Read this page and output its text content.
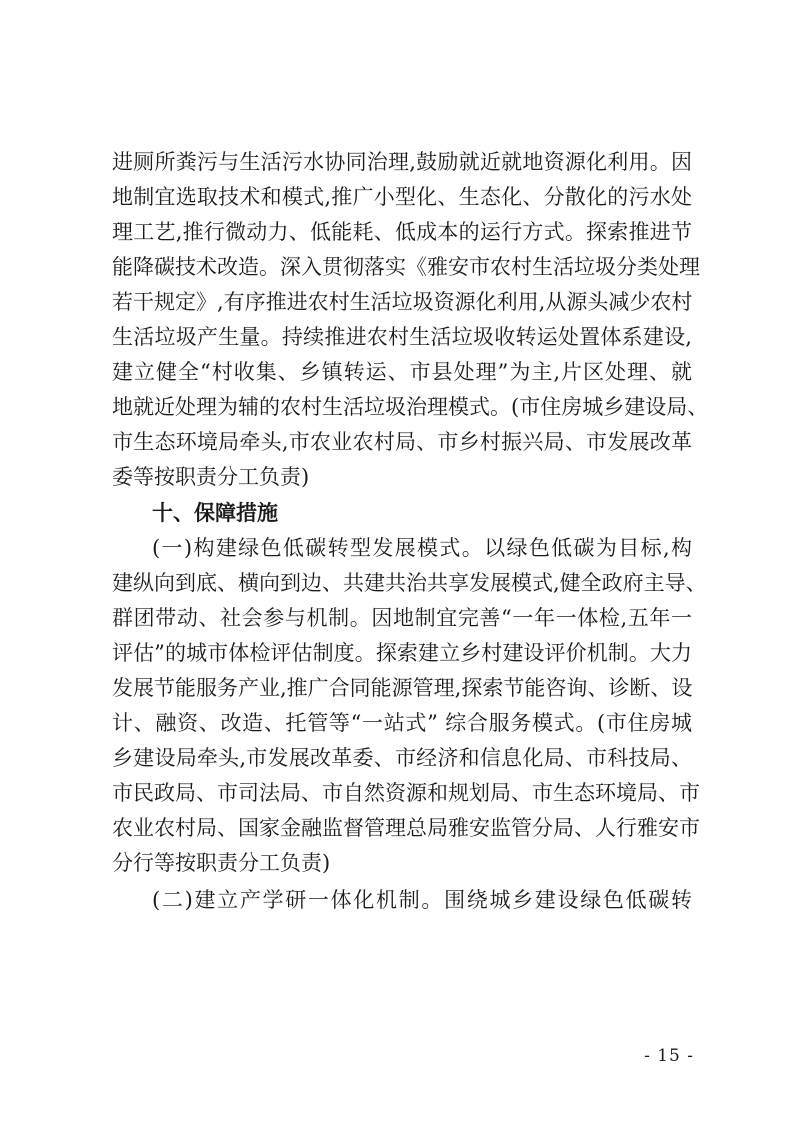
进厕所粪污与生活污水协同治理,鼓励就近就地资源化利用。因
地制宜选取技术和模式,推广小型化、生态化、分散化的污水处
理工艺,推行微动力、低能耗、低成本的运行方式。探索推进节
能降碳技术改造。深入贯彻落实《雅安市农村生活垃圾分类处理
若干规定》,有序推进农村生活垃圾资源化利用,从源头减少农村
生活垃圾产生量。持续推进农村生活垃圾收转运处置体系建设,
建立健全“村收集、乡镇转运、市县处理”为主,片区处理、就
地就近处理为辅的农村生活垃圾治理模式。(市住房城乡建设局、
市生态环境局牵头,市农业农村局、市乡村振兴局、市发展改革
委等按职责分工负责)
十、保障措施
(一)构建绿色低碳转型发展模式。以绿色低碳为目标,构
建纵向到底、横向到边、共建共治共享发展模式,健全政府主导、
群团带动、社会参与机制。因地制宜完善“一年一体检,五年一
评估”的城市体检评估制度。探索建立乡村建设评价机制。大力
发展节能服务产业,推广合同能源管理,探索节能咨询、诊断、设
计、融资、改造、托管等“一站式” 综合服务模式。(市住房城
乡建设局牵头,市发展改革委、市经济和信息化局、市科技局、
市民政局、市司法局、市自然资源和规划局、市生态环境局、市
农业农村局、国家金融监督管理总局雅安监管分局、人行雅安市
分行等按职责分工负责)
(二)建立产学研一体化机制。围绕城乡建设绿色低碳转
- 15 -
